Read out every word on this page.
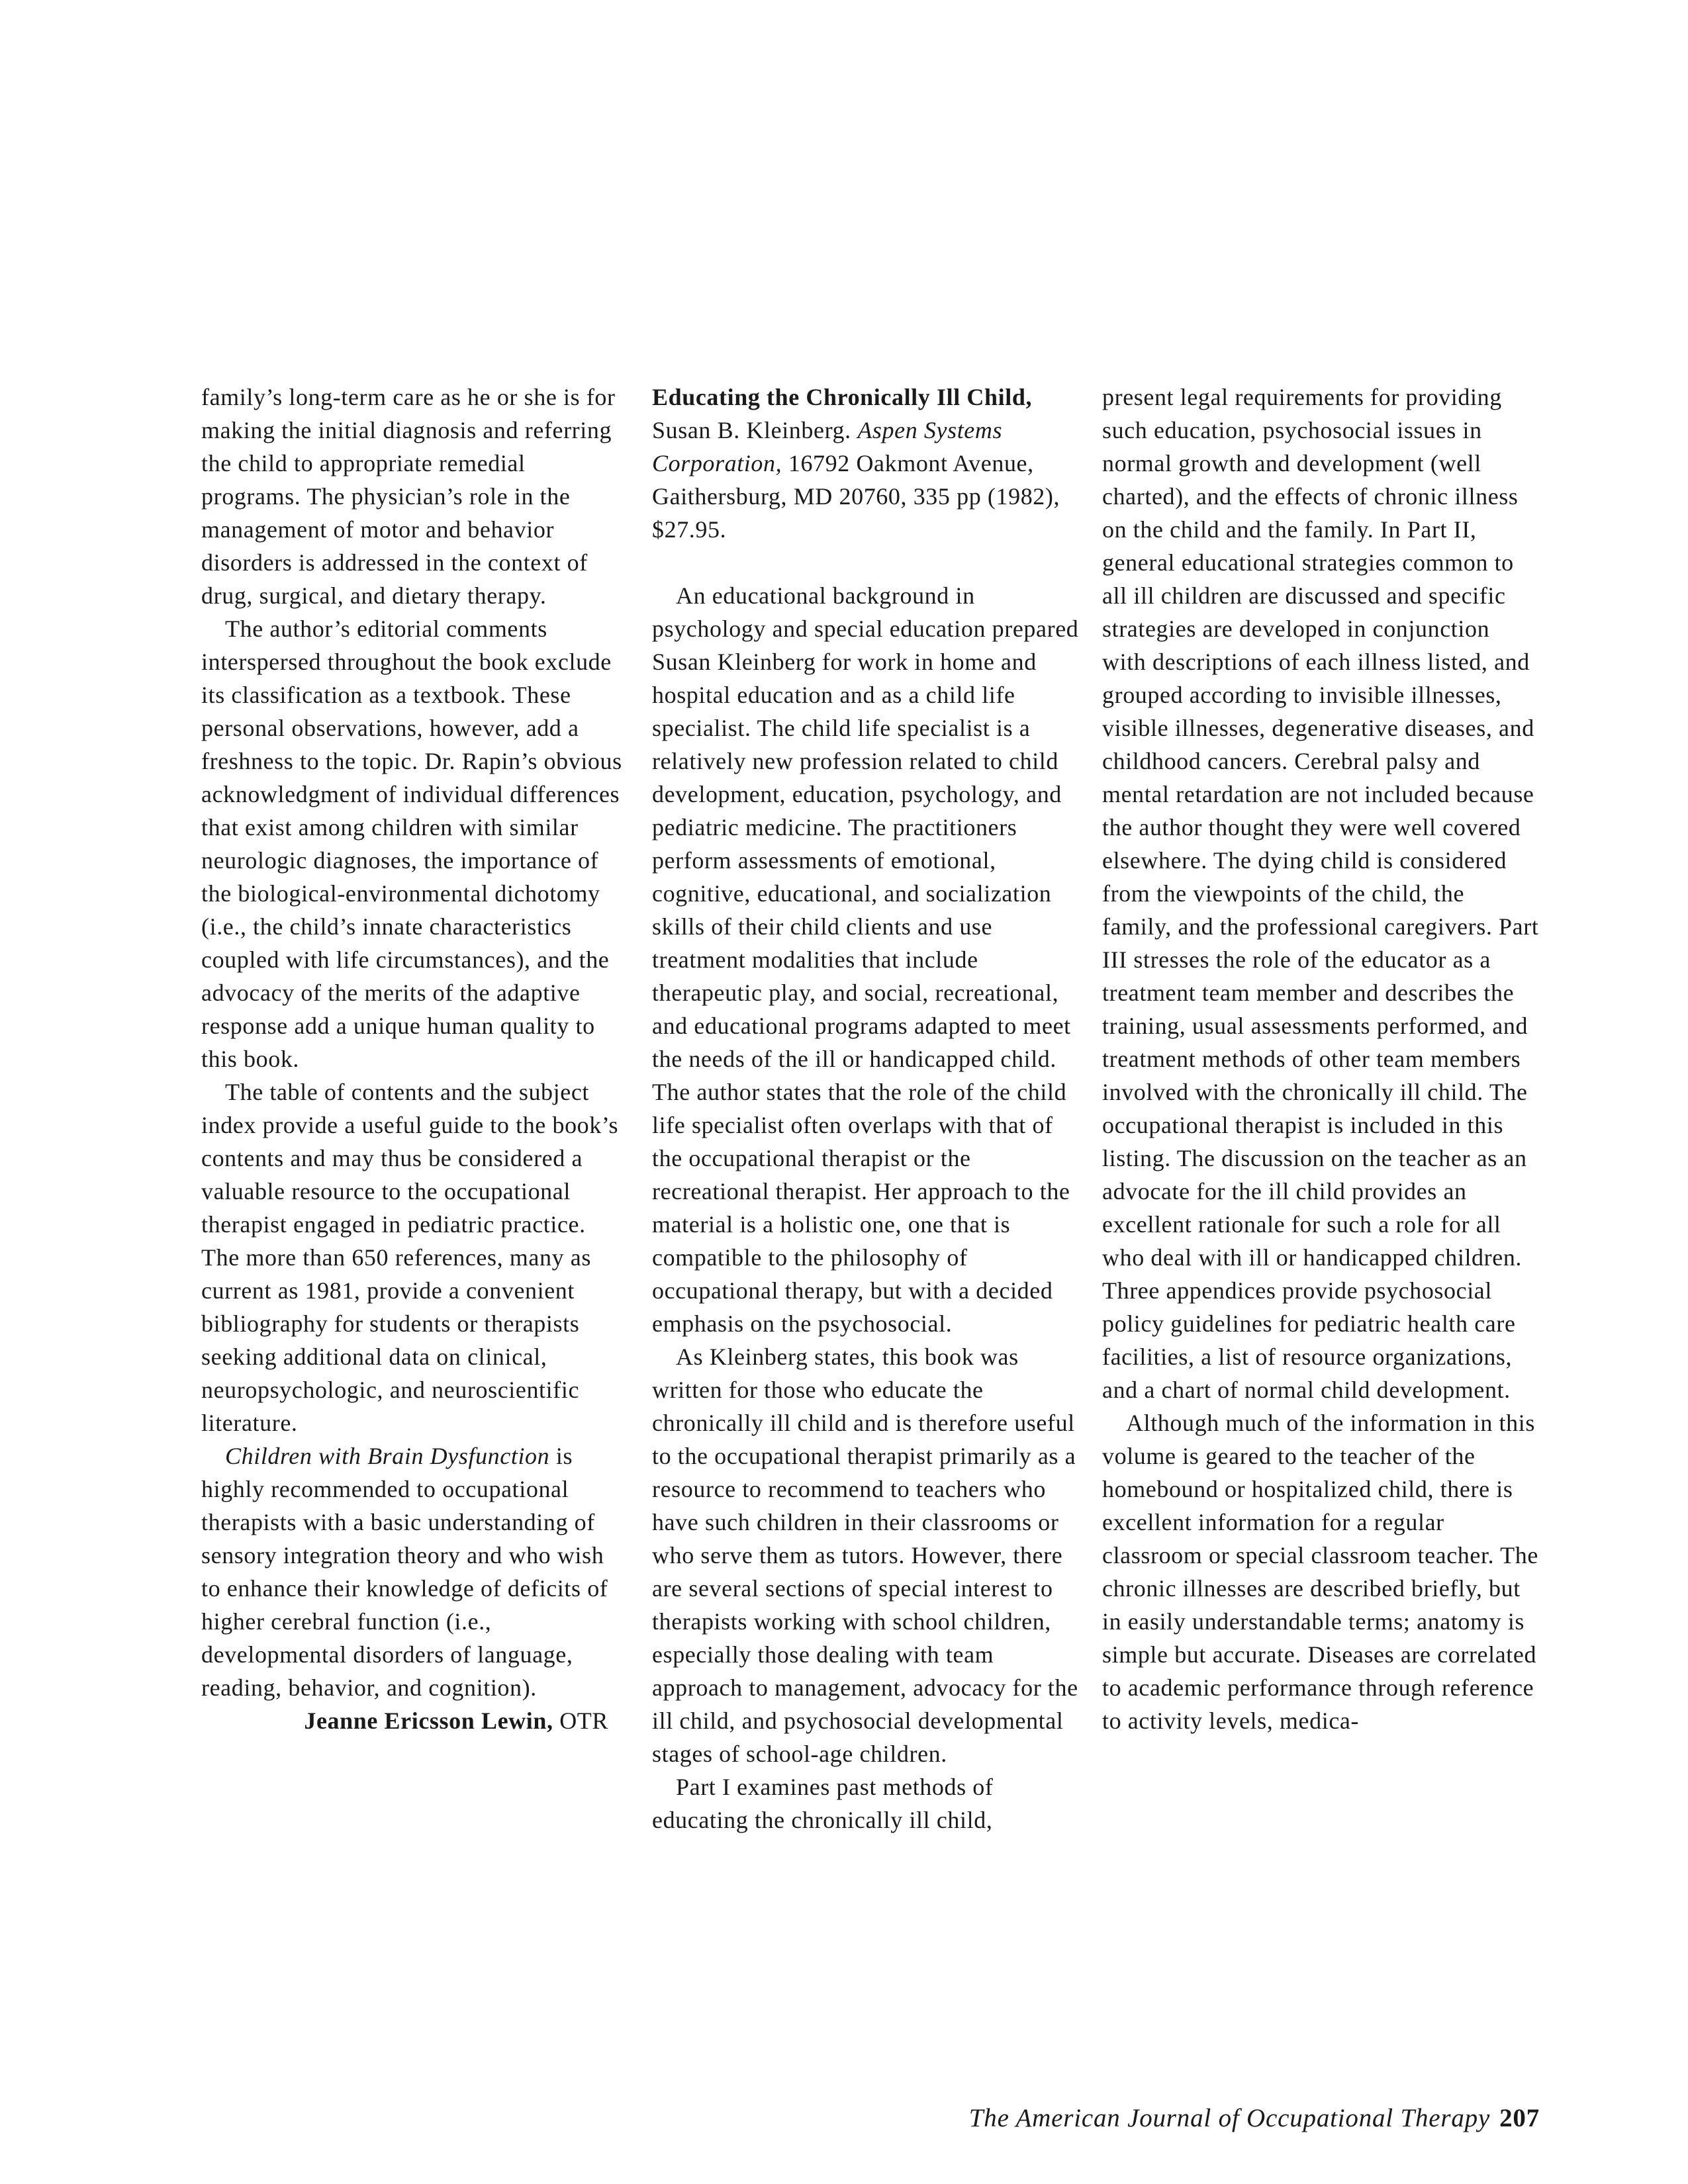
family’s long-term care as he or she is for making the initial diagnosis and referring the child to appropriate remedial programs. The physician’s role in the management of motor and behavior disorders is addressed in the context of drug, surgical, and dietary therapy.

The author’s editorial comments interspersed throughout the book exclude its classification as a textbook. These personal observations, however, add a freshness to the topic. Dr. Rapin’s obvious acknowledgment of individual differences that exist among children with similar neurologic diagnoses, the importance of the biological-environmental dichotomy (i.e., the child’s innate characteristics coupled with life circumstances), and the advocacy of the merits of the adaptive response add a unique human quality to this book.

The table of contents and the subject index provide a useful guide to the book’s contents and may thus be considered a valuable resource to the occupational therapist engaged in pediatric practice. The more than 650 references, many as current as 1981, provide a convenient bibliography for students or therapists seeking additional data on clinical, neuropsychologic, and neuroscientific literature.

Children with Brain Dysfunction is highly recommended to occupational therapists with a basic understanding of sensory integration theory and who wish to enhance their knowledge of deficits of higher cerebral function (i.e., developmental disorders of language, reading, behavior, and cognition).

Jeanne Ericsson Lewin, OTR

Educating the Chronically Ill Child, Susan B. Kleinberg. Aspen Systems Corporation, 16792 Oakmont Avenue, Gaithersburg, MD 20760, 335 pp (1982), $27.95.

An educational background in psychology and special education prepared Susan Kleinberg for work in home and hospital education and as a child life specialist. The child life specialist is a relatively new profession related to child development, education, psychology, and pediatric medicine. The practitioners perform assessments of emotional, cognitive, educational, and socialization skills of their child clients and use treatment modalities that include therapeutic play, and social, recreational, and educational programs adapted to meet the needs of the ill or handicapped child. The author states that the role of the child life specialist often overlaps with that of the occupational therapist or the recreational therapist. Her approach to the material is a holistic one, one that is compatible to the philosophy of occupational therapy, but with a decided emphasis on the psychosocial.

As Kleinberg states, this book was written for those who educate the chronically ill child and is therefore useful to the occupational therapist primarily as a resource to recommend to teachers who have such children in their classrooms or who serve them as tutors. However, there are several sections of special interest to therapists working with school children, especially those dealing with team approach to management, advocacy for the ill child, and psychosocial developmental stages of school-age children.

Part I examines past methods of educating the chronically ill child,

present legal requirements for providing such education, psychosocial issues in normal growth and development (well charted), and the effects of chronic illness on the child and the family. In Part II, general educational strategies common to all ill children are discussed and specific strategies are developed in conjunction with descriptions of each illness listed, and grouped according to invisible illnesses, visible illnesses, degenerative diseases, and childhood cancers. Cerebral palsy and mental retardation are not included because the author thought they were well covered elsewhere. The dying child is considered from the viewpoints of the child, the family, and the professional caregivers. Part III stresses the role of the educator as a treatment team member and describes the training, usual assessments performed, and treatment methods of other team members involved with the chronically ill child. The occupational therapist is included in this listing. The discussion on the teacher as an advocate for the ill child provides an excellent rationale for such a role for all who deal with ill or handicapped children. Three appendices provide psychosocial policy guidelines for pediatric health care facilities, a list of resource organizations, and a chart of normal child development.

Although much of the information in this volume is geared to the teacher of the homebound or hospitalized child, there is excellent information for a regular classroom or special classroom teacher. The chronic illnesses are described briefly, but in easily understandable terms; anatomy is simple but accurate. Diseases are correlated to academic performance through reference to activity levels, medica-

The American Journal of Occupational Therapy 207
